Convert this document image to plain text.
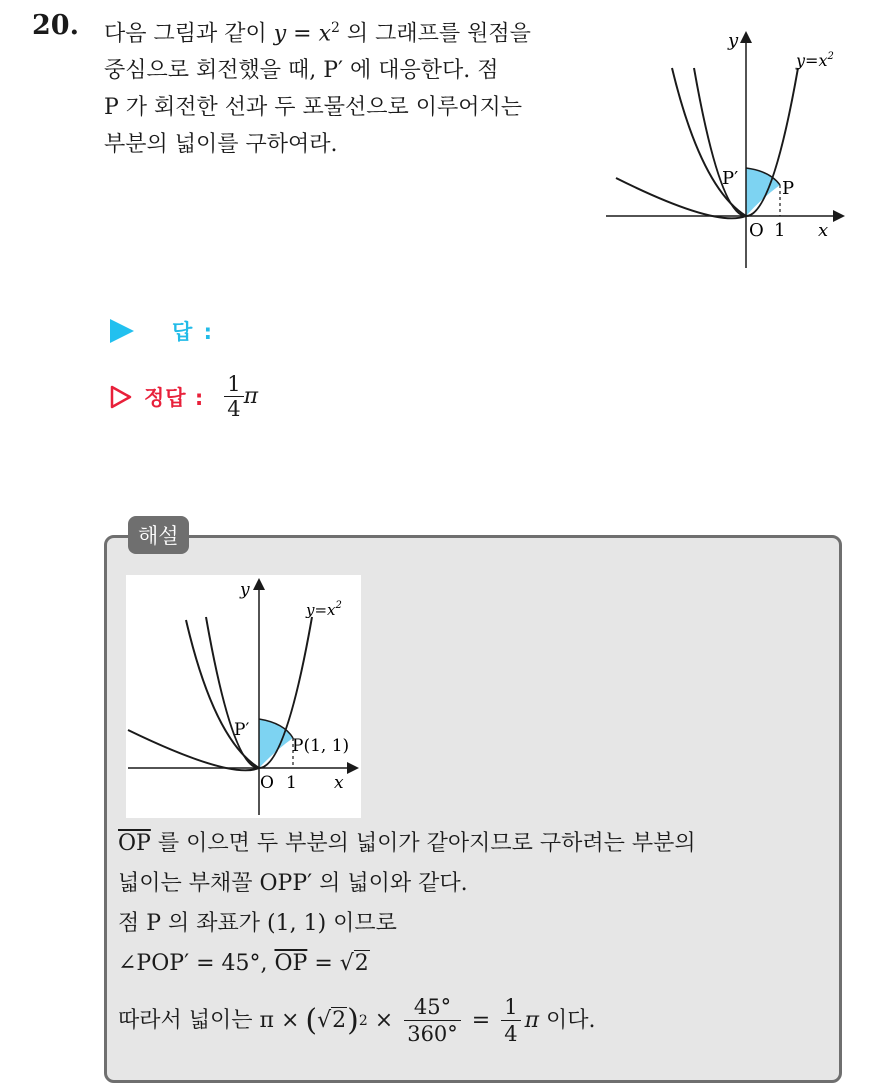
20. 다음 그림과 같이 $y = x^2$ 의 그래프를 원점을
중심으로 회전했을 때, P′ 에 대응한다. 점
P 가 회전한 선과 두 포물선으로 이루어지는
부분의 넓이를 구하여라.
y
x
$y=x^2$
O 1
P
P′
답 :
정답 : $\frac{1}{4}$ π
해설
y
x
$y=x^2$
O 1
P(1, 1)
P′
$\overline{OP}$ 를 이으면 두 부분의 넓이가 같아지므로 구하려는 부분의
넓이는 부채꼴 OPP′ 의 넓이와 같다.
점 P 의 좌표가 (1, 1) 이므로
∠POP′ = 45°, $\overline{OP} = √2$
따라서 넓이는 π × ( √2 ) $2 \times \frac{45^\circ}{360^\circ} = \frac{1}{4}$ π 이다.
